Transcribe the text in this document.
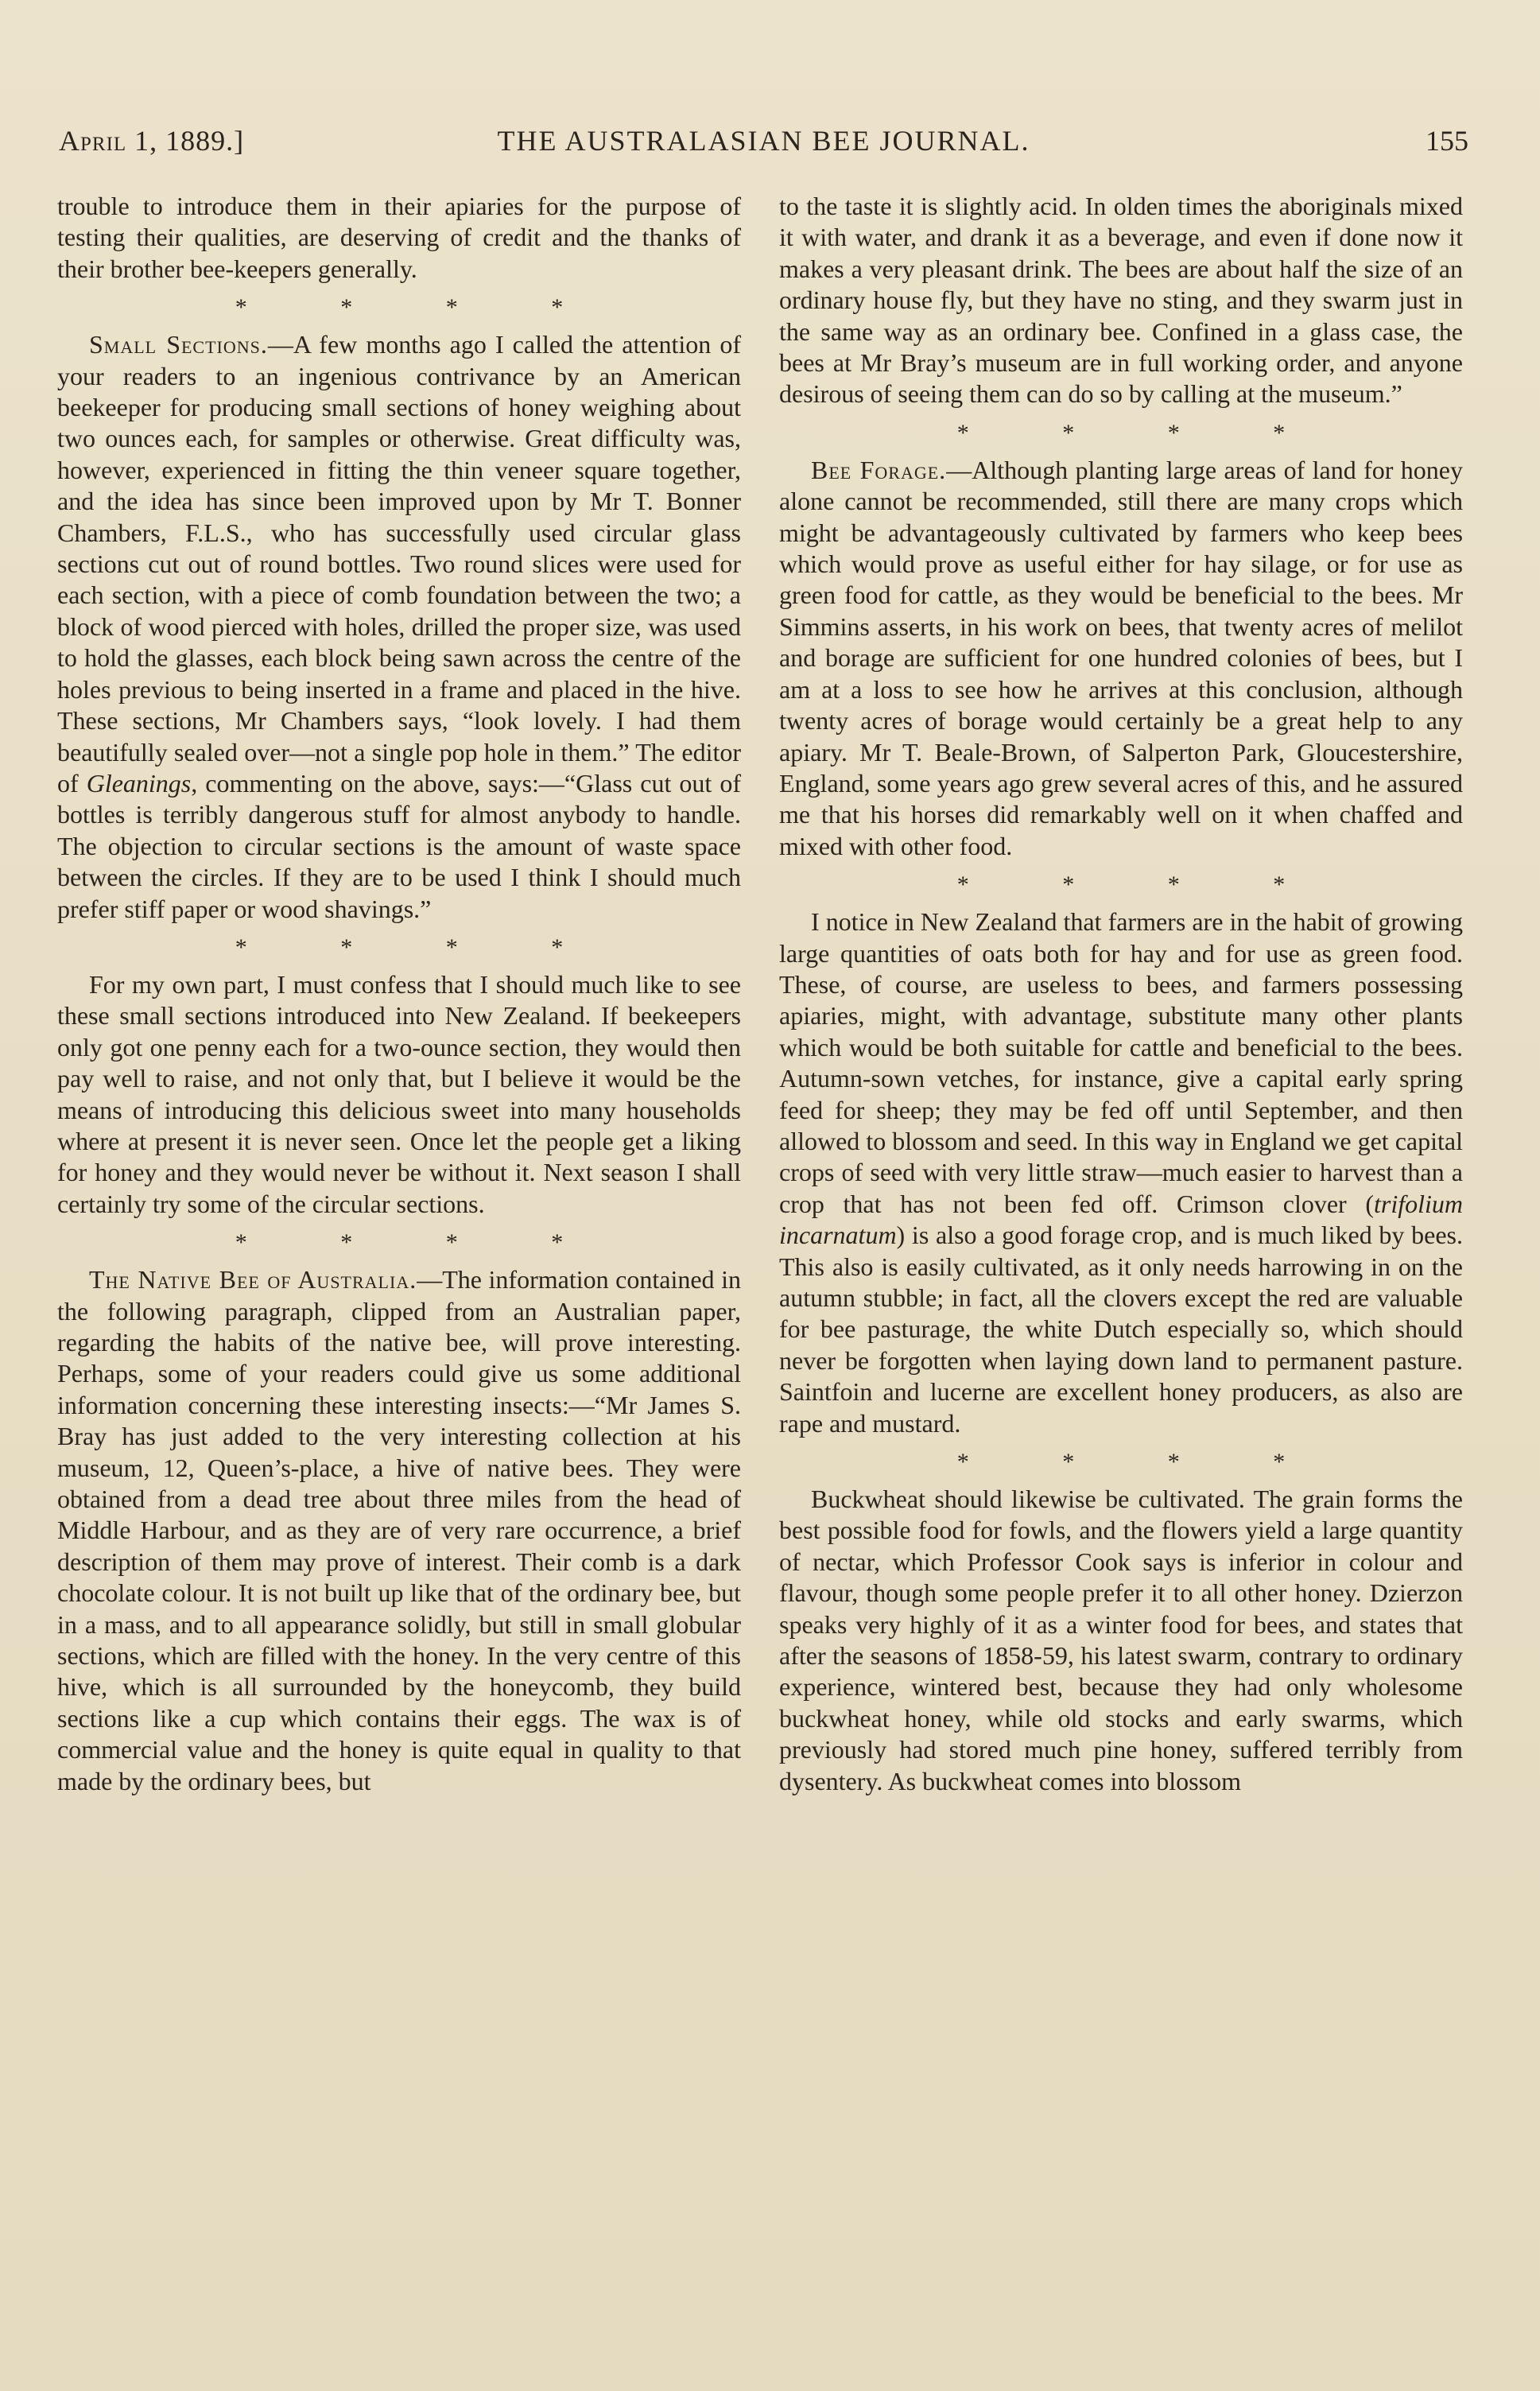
April 1, 1889.]	THE AUSTRALASIAN BEE JOURNAL.	155

trouble to introduce them in their apiaries for the purpose of testing their qualities, are deserving of credit and the thanks of their brother bee-keepers generally.

* * * *

Small Sections.—A few months ago I called the attention of your readers to an ingenious contrivance by an American beekeeper for producing small sections of honey weighing about two ounces each, for samples or otherwise. Great difficulty was, however, experienced in fitting the thin veneer square together, and the idea has since been improved upon by Mr T. Bonner Chambers, F.L.S., who has successfully used circular glass sections cut out of round bottles. Two round slices were used for each section, with a piece of comb foundation between the two; a block of wood pierced with holes, drilled the proper size, was used to hold the glasses, each block being sawn across the centre of the holes previous to being inserted in a frame and placed in the hive. These sections, Mr Chambers says, “look lovely. I had them beautifully sealed over—not a single pop hole in them.” The editor of Gleanings, commenting on the above, says:—“Glass cut out of bottles is terribly dangerous stuff for almost anybody to handle. The objection to circular sections is the amount of waste space between the circles. If they are to be used I think I should much prefer stiff paper or wood shavings.”

* * * *

For my own part, I must confess that I should much like to see these small sections introduced into New Zealand. If beekeepers only got one penny each for a two-ounce section, they would then pay well to raise, and not only that, but I believe it would be the means of introducing this delicious sweet into many households where at present it is never seen. Once let the people get a liking for honey and they would never be without it. Next season I shall certainly try some of the circular sections.

* * * *

The Native Bee of Australia.—The information contained in the following paragraph, clipped from an Australian paper, regarding the habits of the native bee, will prove interesting. Perhaps, some of your readers could give us some additional information concerning these interesting insects:—“Mr James S. Bray has just added to the very interesting collection at his museum, 12, Queen’s-place, a hive of native bees. They were obtained from a dead tree about three miles from the head of Middle Harbour, and as they are of very rare occurrence, a brief description of them may prove of interest. Their comb is a dark chocolate colour. It is not built up like that of the ordinary bee, but in a mass, and to all appearance solidly, but still in small globular sections, which are filled with the honey. In the very centre of this hive, which is all surrounded by the honeycomb, they build sections like a cup which contains their eggs. The wax is of commercial value and the honey is quite equal in quality to that made by the ordinary bees, but

to the taste it is slightly acid. In olden times the aboriginals mixed it with water, and drank it as a beverage, and even if done now it makes a very pleasant drink. The bees are about half the size of an ordinary house fly, but they have no sting, and they swarm just in the same way as an ordinary bee. Confined in a glass case, the bees at Mr Bray’s museum are in full working order, and anyone desirous of seeing them can do so by calling at the museum.”

* * * *

Bee Forage.—Although planting large areas of land for honey alone cannot be recommended, still there are many crops which might be advantageously cultivated by farmers who keep bees which would prove as useful either for hay silage, or for use as green food for cattle, as they would be beneficial to the bees. Mr Simmins asserts, in his work on bees, that twenty acres of melilot and borage are sufficient for one hundred colonies of bees, but I am at a loss to see how he arrives at this conclusion, although twenty acres of borage would certainly be a great help to any apiary. Mr T. Beale-Brown, of Salperton Park, Gloucestershire, England, some years ago grew several acres of this, and he assured me that his horses did remarkably well on it when chaffed and mixed with other food.

* * * *

I notice in New Zealand that farmers are in the habit of growing large quantities of oats both for hay and for use as green food. These, of course, are useless to bees, and farmers possessing apiaries, might, with advantage, substitute many other plants which would be both suitable for cattle and beneficial to the bees. Autumn-sown vetches, for instance, give a capital early spring feed for sheep; they may be fed off until September, and then allowed to blossom and seed. In this way in England we get capital crops of seed with very little straw—much easier to harvest than a crop that has not been fed off. Crimson clover (trifolium incarnatum) is also a good forage crop, and is much liked by bees. This also is easily cultivated, as it only needs harrowing in on the autumn stubble; in fact, all the clovers except the red are valuable for bee pasturage, the white Dutch especially so, which should never be forgotten when laying down land to permanent pasture. Saintfoin and lucerne are excellent honey producers, as also are rape and mustard.

* * * *

Buckwheat should likewise be cultivated. The grain forms the best possible food for fowls, and the flowers yield a large quantity of nectar, which Professor Cook says is inferior in colour and flavour, though some people prefer it to all other honey. Dzierzon speaks very highly of it as a winter food for bees, and states that after the seasons of 1858-59, his latest swarm, contrary to ordinary experience, wintered best, because they had only wholesome buckwheat honey, while old stocks and early swarms, which previously had stored much pine honey, suffered terribly from dysentery. As buckwheat comes into blossom
